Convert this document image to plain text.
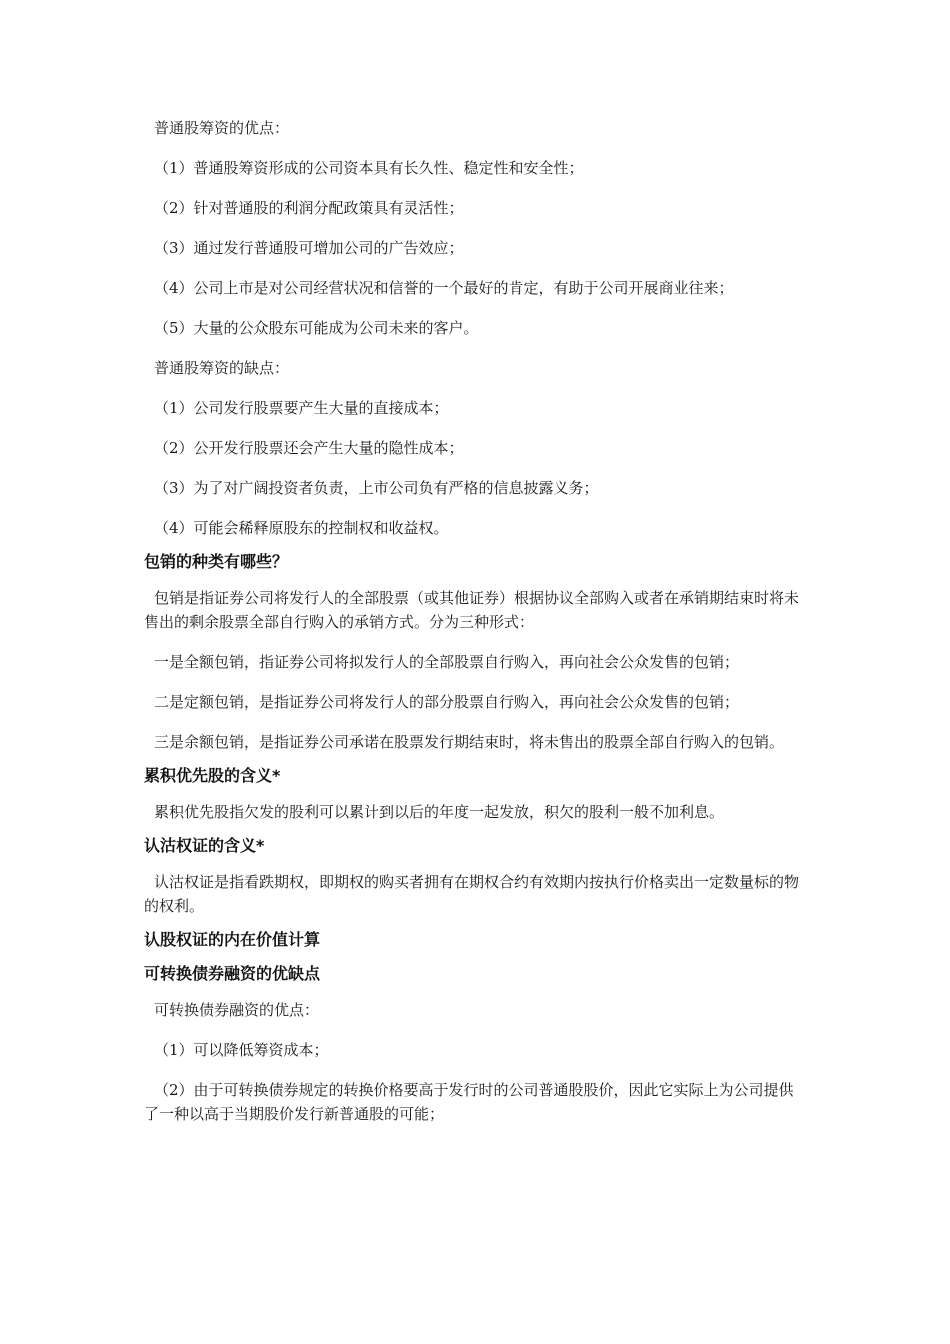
普通股筹资的优点：

（1）普通股筹资形成的公司资本具有长久性、稳定性和安全性；

（2）针对普通股的利润分配政策具有灵活性；

（3）通过发行普通股可增加公司的广告效应；

（4）公司上市是对公司经营状况和信誉的一个最好的肯定，有助于公司开展商业往来；

（5）大量的公众股东可能成为公司未来的客户。

普通股筹资的缺点：

（1）公司发行股票要产生大量的直接成本；

（2）公开发行股票还会产生大量的隐性成本；

（3）为了对广阔投资者负责，上市公司负有严格的信息披露义务；

（4）可能会稀释原股东的控制权和收益权。

包销的种类有哪些？

包销是指证券公司将发行人的全部股票（或其他证券）根据协议全部购入或者在承销期结束时将未售出的剩余股票全部自行购入的承销方式。分为三种形式：

一是全额包销，指证券公司将拟发行人的全部股票自行购入，再向社会公众发售的包销；

二是定额包销，是指证券公司将发行人的部分股票自行购入，再向社会公众发售的包销；

三是余额包销，是指证券公司承诺在股票发行期结束时，将未售出的股票全部自行购入的包销。

累积优先股的含义*

累积优先股指欠发的股利可以累计到以后的年度一起发放，积欠的股利一般不加利息。

认沽权证的含义*

认沽权证是指看跌期权，即期权的购买者拥有在期权合约有效期内按执行价格卖出一定数量标的物的权利。

认股权证的内在价值计算
可转换债券融资的优缺点

可转换债券融资的优点：

（1）可以降低筹资成本；

（2）由于可转换债券规定的转换价格要高于发行时的公司普通股股价，因此它实际上为公司提供了一种以高于当期股价发行新普通股的可能；
